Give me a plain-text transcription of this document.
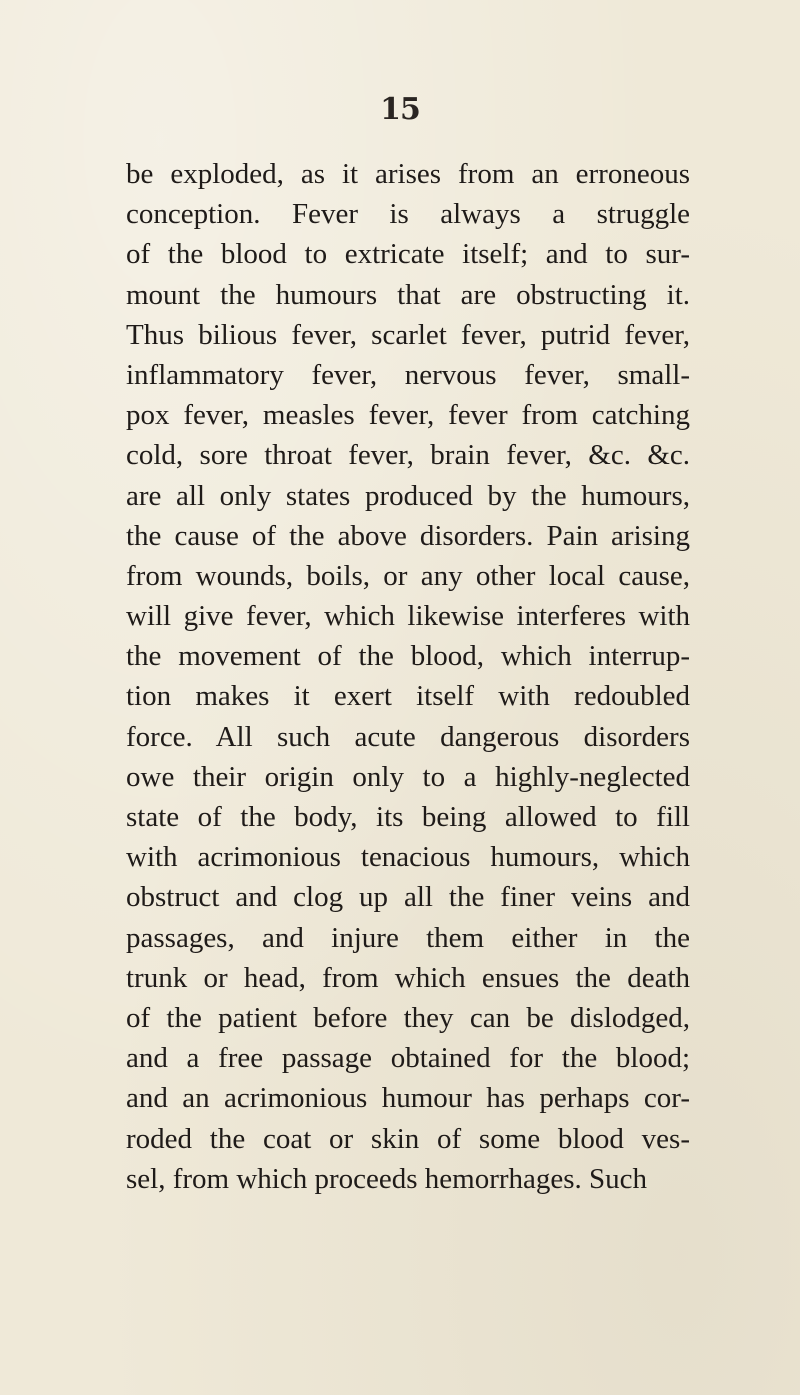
15
be exploded, as it arises from an erroneous
conception. Fever is always a struggle
of the blood to extricate itself; and to sur-
mount the humours that are obstructing it.
Thus bilious fever, scarlet fever, putrid fever,
inflammatory fever, nervous fever, small-
pox fever, measles fever, fever from catching
cold, sore throat fever, brain fever, &c. &c.
are all only states produced by the humours,
the cause of the above disorders. Pain arising
from wounds, boils, or any other local cause,
will give fever, which likewise interferes with
the movement of the blood, which interrup-
tion makes it exert itself with redoubled
force. All such acute dangerous disorders
owe their origin only to a highly-neglected
state of the body, its being allowed to fill
with acrimonious tenacious humours, which
obstruct and clog up all the finer veins and
passages, and injure them either in the
trunk or head, from which ensues the death
of the patient before they can be dislodged,
and a free passage obtained for the blood;
and an acrimonious humour has perhaps cor-
roded the coat or skin of some blood ves-
sel, from which proceeds hemorrhages. Such
